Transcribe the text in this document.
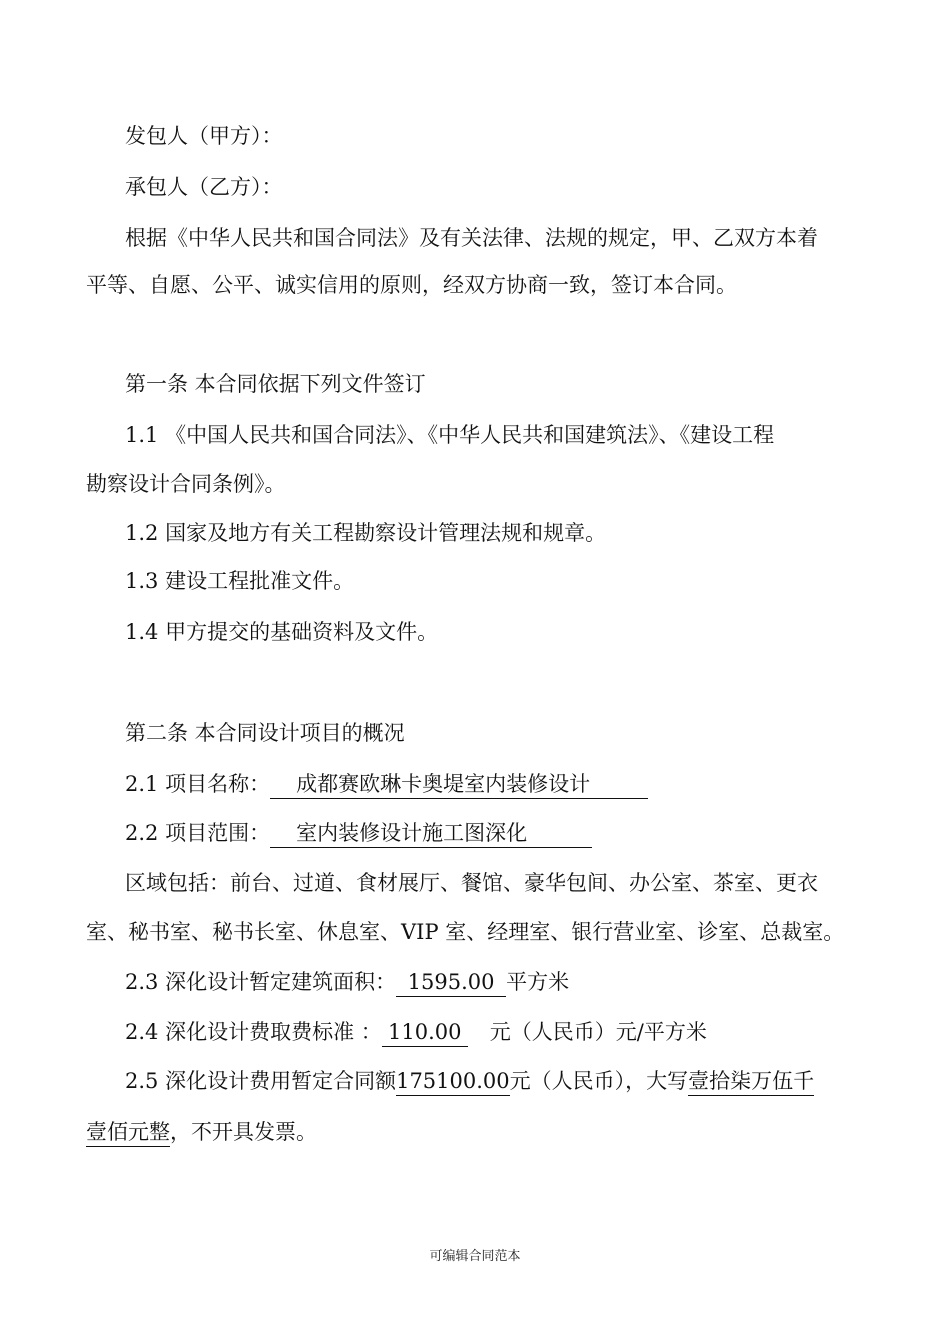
发包人（甲方）：
承包人（乙方）：
根据《中华人民共和国合同法》及有关法律、法规的规定，甲、乙双方本着
平等、自愿、公平、诚实信用的原则，经双方协商一致，签订本合同。
第一条 本合同依据下列文件签订
1.1 《中国人民共和国合同法》、《中华人民共和国建筑法》、《建设工程
勘察设计合同条例》。
1.2 国家及地方有关工程勘察设计管理法规和规章。
1.3 建设工程批准文件。
1.4 甲方提交的基础资料及文件。
第二条 本合同设计项目的概况
2.1 项目名称： 成都赛欧琳卡奥堤室内装修设计
2.2 项目范围： 室内装修设计施工图深化
区域包括：前台、过道、食材展厅、餐馆、豪华包间、办公室、茶室、更衣
室、秘书室、秘书长室、休息室、VIP 室、经理室、银行营业室、诊室、总裁室。
2.3 深化设计暂定建筑面积： 1595.00 平方米
2.4 深化设计费取费标准 ： 110.00 元（人民币）元/平方米
2.5 深化设计费用暂定合同额175100.00元（人民币），大写壹拾柒万伍千
壹佰元整，不开具发票。
可编辑合同范本
